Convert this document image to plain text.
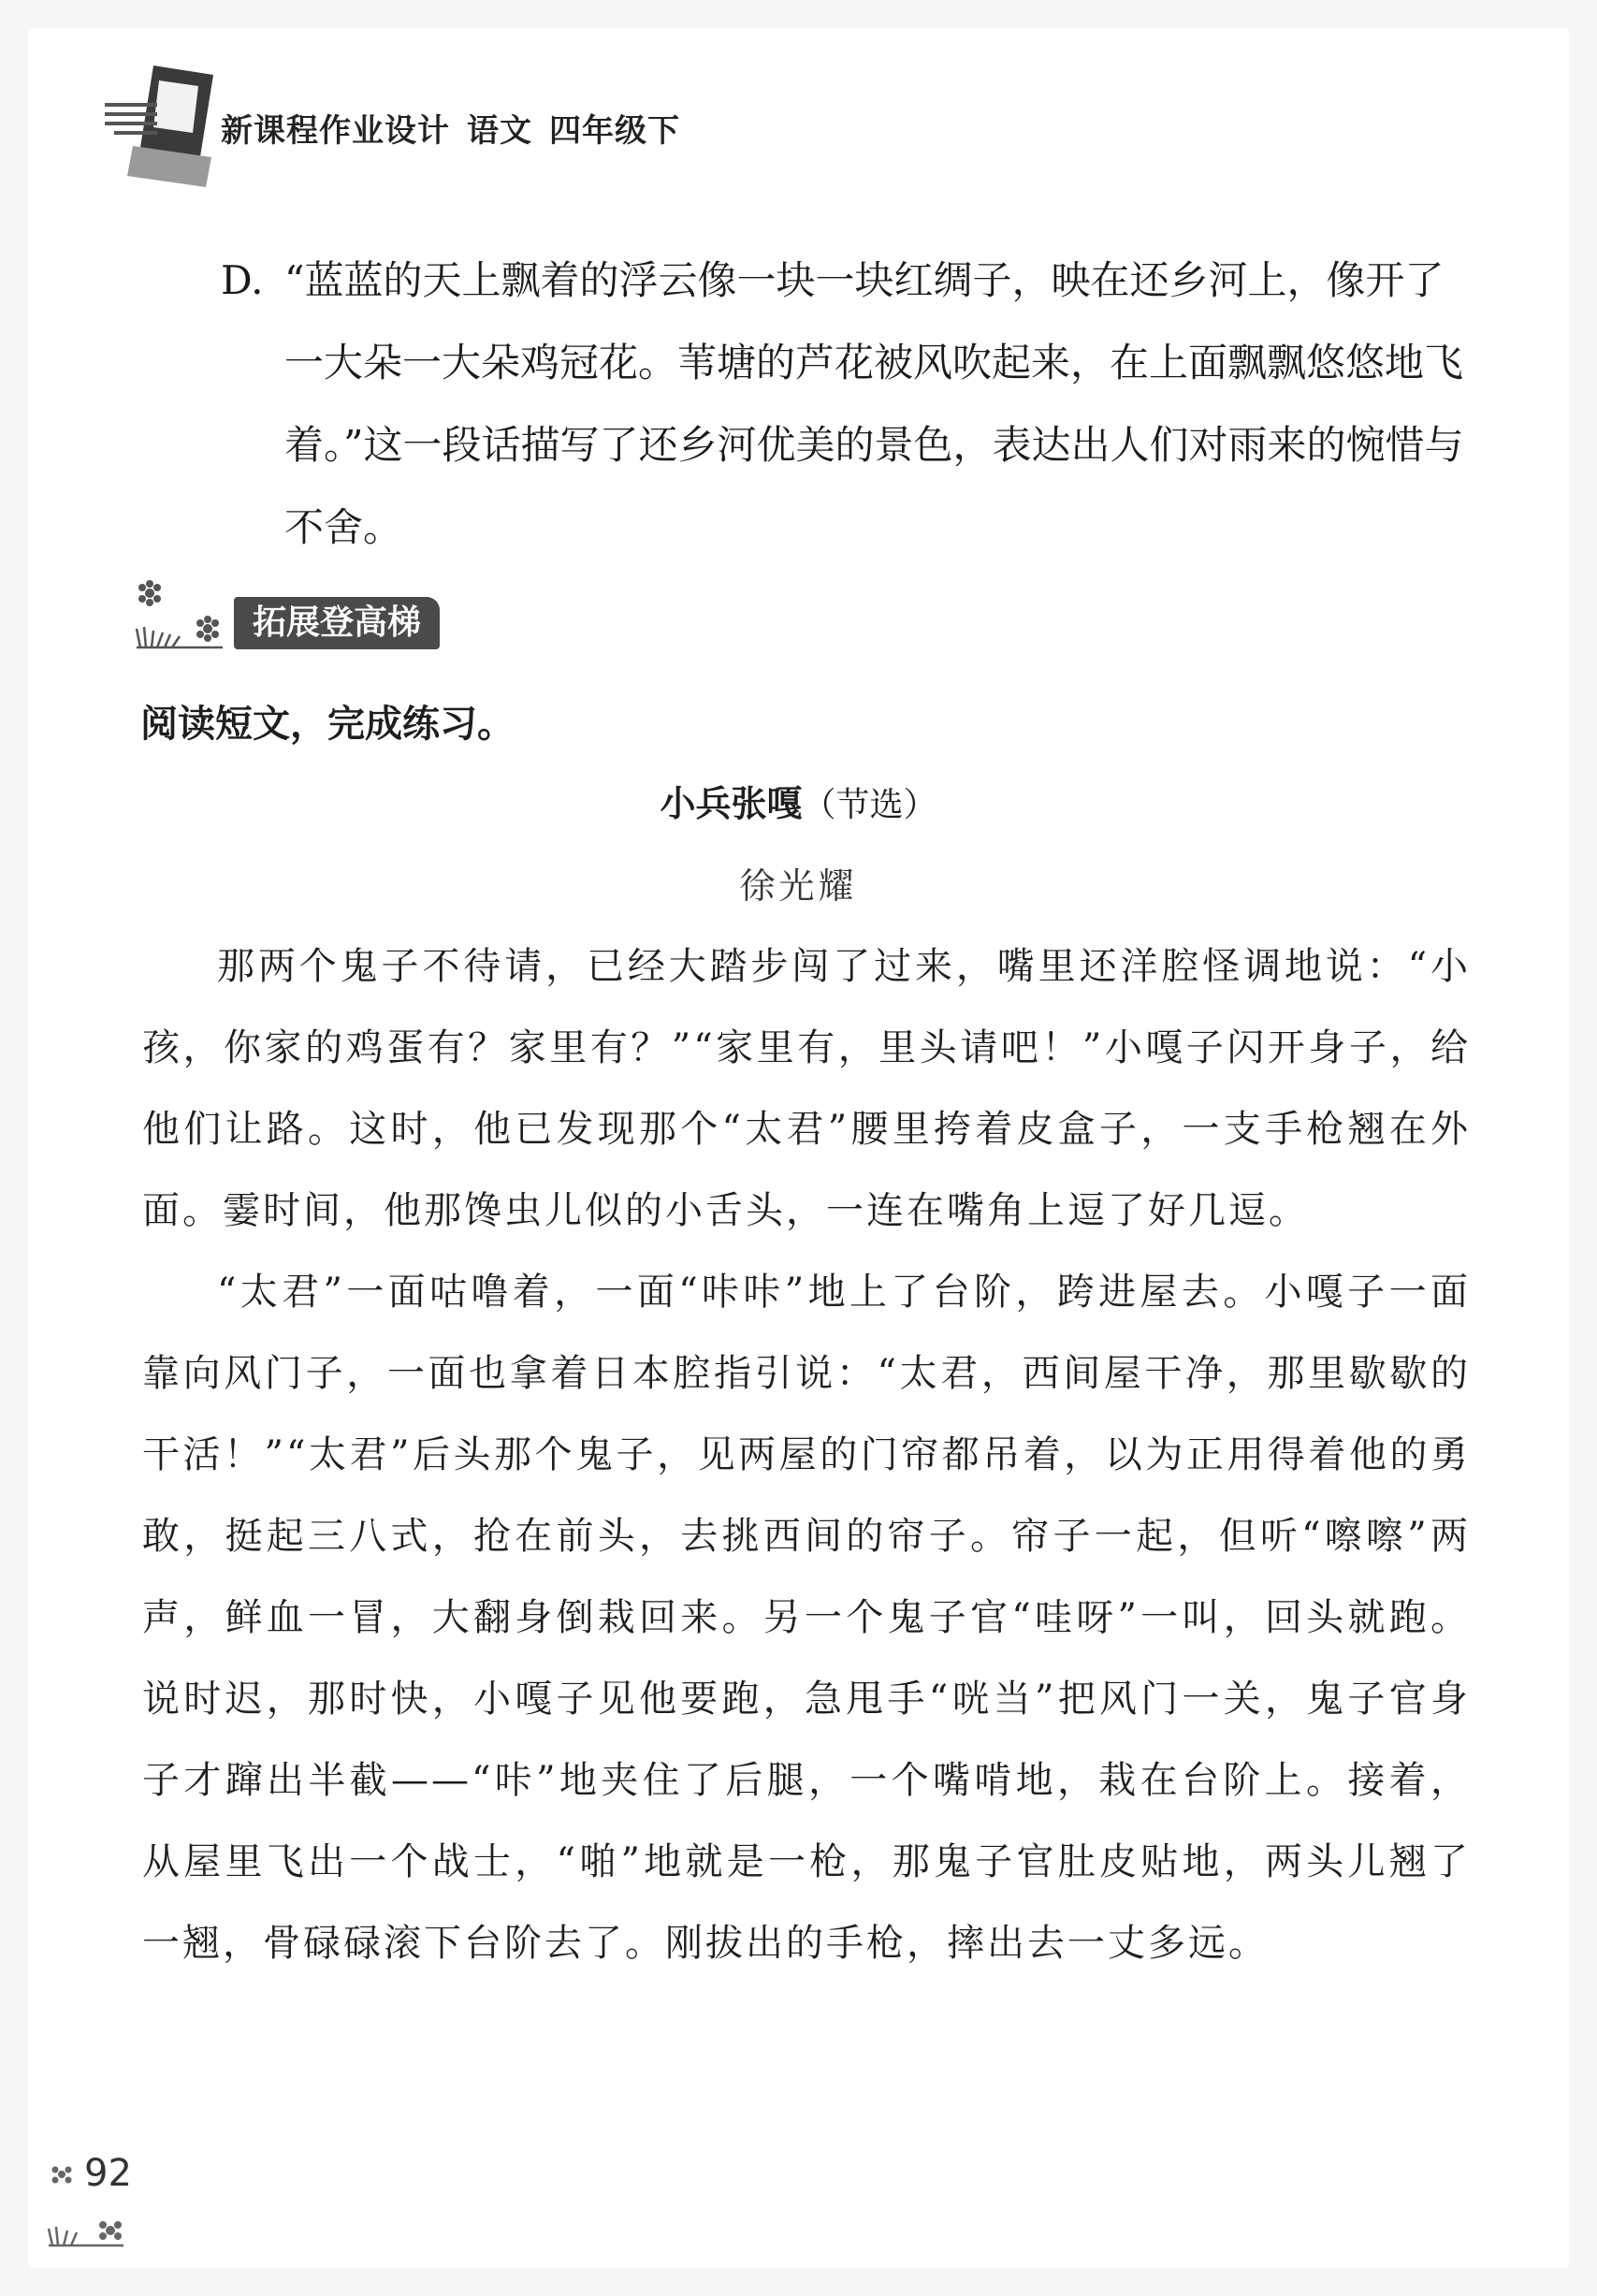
新课程作业设计 语文 四年级下
D. “蓝蓝的天上飘着的浮云像一块一块红绸子，映在还乡河上，像开了一大朵一大朵鸡冠花。苇塘的芦花被风吹起来，在上面飘飘悠悠地飞着。”这一段话描写了还乡河优美的景色，表达出人们对雨来的惋惜与不舍。
拓展登高梯
阅读短文，完成练习。
小兵张嘎（节选）
徐光耀

那两个鬼子不待请，已经大踏步闯了过来，嘴里还洋腔怪调地说：“小孩，你家的鸡蛋有？家里有？”“家里有，里头请吧！”小嘎子闪开身子，给他们让路。这时，他已发现那个“太君”腰里挎着皮盒子，一支手枪翘在外面。霎时间，他那馋虫儿似的小舌头，一连在嘴角上逗了好几逗。

“太君”一面咕噜着，一面“咔咔”地上了台阶，跨进屋去。小嘎子一面靠向风门子，一面也拿着日本腔指引说：“太君，西间屋干净，那里歇歇的干活！”“太君”后头那个鬼子，见两屋的门帘都吊着，以为正用得着他的勇敢，挺起三八式，抢在前头，去挑西间的帘子。帘子一起，但听“嚓嚓”两声，鲜血一冒，大翻身倒栽回来。另一个鬼子官“哇呀”一叫，回头就跑。说时迟，那时快，小嘎子见他要跑，急甩手“咣当”把风门一关，鬼子官身子才蹿出半截——“咔”地夹住了后腿，一个嘴啃地，栽在台阶上。接着，从屋里飞出一个战士，“啪”地就是一枪，那鬼子官肚皮贴地，两头儿翘了一翘，骨碌碌滚下台阶去了。刚拔出的手枪，摔出去一丈多远。

92
